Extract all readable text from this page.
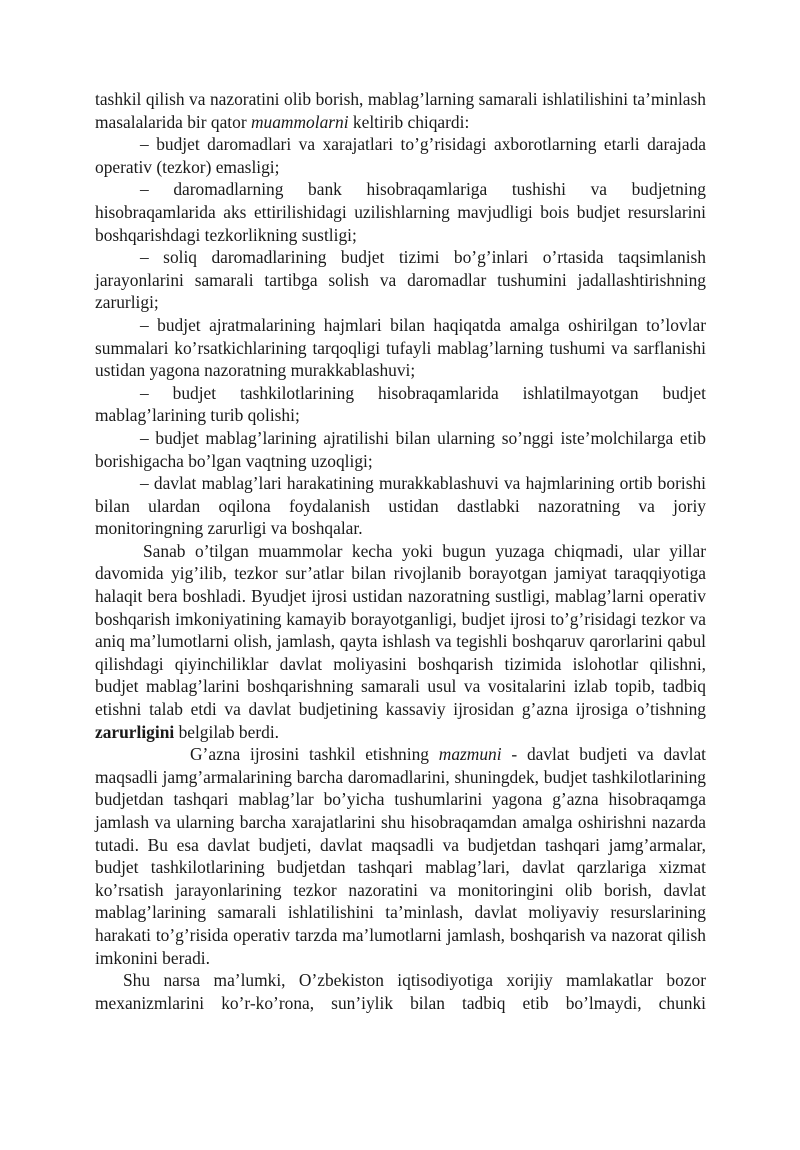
tashkil qilish va nazoratini olib borish, mablag’larning samarali ishlatilishini ta’minlash masalalarida bir qator muammolarni keltirib chiqardi:

– budjet daromadlari va xarajatlari to’g’risidagi axborotlarning etarli darajada operativ (tezkor) emasligi;

– daromadlarning bank hisobraqamlariga tushishi va budjetning hisobraqamlarida aks ettirilishidagi uzilishlarning mavjudligi bois budjet resurslarini boshqarishdagi tezkorlikning sustligi;

– soliq daromadlarining budjet tizimi bo’g’inlari o’rtasida taqsimlanish jarayonlarini samarali tartibga solish va daromadlar tushumini jadallashtirishning zarurligi;

– budjet ajratmalarining hajmlari bilan haqiqatda amalga oshirilgan to’lovlar summalari ko’rsatkichlarining tarqoqligi tufayli mablag’larning tushumi va sarflanishi ustidan yagona nazoratning murakkablashuvi;

– budjet tashkilotlarining hisobraqamlarida ishlatilmayotgan budjet mablag’larining turib qolishi;

– budjet mablag’larining ajratilishi bilan ularning so’nggi iste’molchilarga etib borishigacha bo’lgan vaqtning uzoqligi;

– davlat mablag’lari harakatining murakkablashuvi va hajmlarining ortib borishi bilan ulardan oqilona foydalanish ustidan dastlabki nazoratning va joriy monitoringning zarurligi va boshqalar.

Sanab o’tilgan muammolar kecha yoki bugun yuzaga chiqmadi, ular yillar davomida yig’ilib, tezkor sur’atlar bilan rivojlanib borayotgan jamiyat taraqqiyotiga halaqit bera boshladi. Byudjet ijrosi ustidan nazoratning sustligi, mablag’larni operativ boshqarish imkoniyatining kamayib borayotganligi, budjet ijrosi to’g’risidagi tezkor va aniq ma’lumotlarni olish, jamlash, qayta ishlash va tegishli boshqaruv qarorlarini qabul qilishdagi qiyinchiliklar davlat moliyasini boshqarish tizimida islohotlar qilishni, budjet mablag’larini boshqarishning samarali usul va vositalarini izlab topib, tadbiq etishni talab etdi va davlat budjetining kassaviy ijrosidan g’azna ijrosiga o’tishning zarurligini belgilab berdi.

G’azna ijrosini tashkil etishning mazmuni - davlat budjeti va davlat maqsadli jamg’armalarining barcha daromadlarini, shuningdek, budjet tashkilotlarining budjetdan tashqari mablag’lar bo’yicha tushumlarini yagona g’azna hisobraqamga jamlash va ularning barcha xarajatlarini shu hisobraqamdan amalga oshirishni nazarda tutadi. Bu esa davlat budjeti, davlat maqsadli va budjetdan tashqari jamg’armalar, budjet tashkilotlarining budjetdan tashqari mablag’lari, davlat qarzlariga xizmat ko’rsatish jarayonlarining tezkor nazoratini va monitoringini olib borish, davlat mablag’larining samarali ishlatilishini ta’minlash, davlat moliyaviy resurslarining harakati to’g’risida operativ tarzda ma’lumotlarni jamlash, boshqarish va nazorat qilish imkonini beradi.

Shu narsa ma’lumki, O’zbekiston iqtisodiyotiga xorijiy mamlakatlar bozor mexanizmlarini ko’r-ko’rona, sun’iylik bilan tadbiq etib bo’lmaydi, chunki
